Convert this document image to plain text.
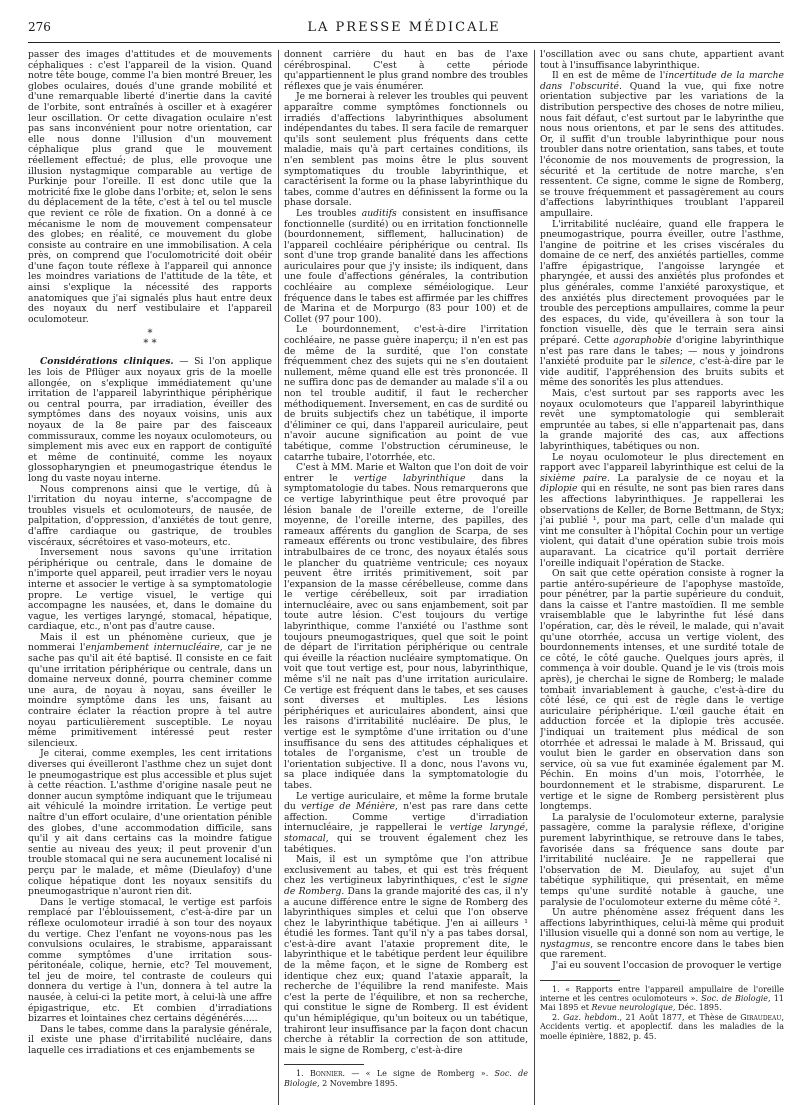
276	LA PRESSE MÉDICALE

passer des images d'attitudes et de mouvements céphaliques : c'est l'appareil de la vision. Quand notre tête bouge, comme l'a bien montré Breuer, les globes oculaires, doués d'une grande mobilité et d'une remarquable liberté d'inertie dans la cavité de l'orbite, sont entraînés à osciller et à exagérer leur oscillation. Or cette divagation oculaire n'est pas sans inconvénient pour notre orientation, car elle nous donne l'illusion d'un mouvement céphalique plus grand que le mouvement réellement effectué; de plus, elle provoque une illusion nystagmique comparable au vertige de Purkinje pour l'oreille. Il est donc utile que la motricité fixe le globe dans l'orbite; et, selon le sens du déplacement de la tête, c'est à tel ou tel muscle que revient ce rôle de fixation. On a donné à ce mécanisme le nom de mouvement compensateur des globes; en réalité, ce mouvement du globe consiste au contraire en une immobilisation. A cela près, on comprend que l'oculomotricité doit obéir d'une façon toute réflexe à l'appareil qui annonce les moindres variations de l'attitude de la tête, et ainsi s'explique la nécessité des rapports anatomiques que j'ai signalés plus haut entre deux des noyaux du nerf vestibulaire et l'appareil oculomoteur.

*
* *

Considérations cliniques. — Si l'on applique les lois de Pflüger aux noyaux gris de la moelle allongée, on s'explique immédiatement qu'une irritation de l'appareil labyrinthique périphérique ou central pourra, par irradiation, éveiller des symptômes dans des noyaux voisins, unis aux noyaux de la 8e paire par des faisceaux commissuraux, comme les noyaux oculomoteurs, ou simplement mis avec eux en rapport de contiguïté et même de continuité, comme les noyaux glossopharyngien et pneumogastrique étendus le long du vaste noyau interne.

Nous comprenons ainsi que le vertige, dû à l'irritation du noyau interne, s'accompagne de troubles visuels et oculomoteurs, de nausée, de palpitation, d'oppression, d'anxiétés de tout genre, d'affre cardiaque ou gastrique, de troubles viscéraux, sécrétoires et vaso-moteurs, etc.

Inversement nous savons qu'une irritation périphérique ou centrale, dans le domaine de n'importe quel appareil, peut irradier vers le noyau interne et associer le vertige à sa symptomatologie propre. Le vertige visuel, le vertige qui accompagne les nausées, et, dans le domaine du vague, les vertiges laryngé, stomacal, hépatique, cardiaque, etc., n'ont pas d'autre cause.

Mais il est un phénomène curieux, que je nommerai l'enjambement internucléaire, car je ne sache pas qu'il ait été baptisé. Il consiste en ce fait qu'une irritation périphérique ou centrale, dans un domaine nerveux donné, pourra cheminer comme une aura, de noyau à noyau, sans éveiller le moindre symptôme dans les uns, faisant au contraire éclater la réaction propre à tel autre noyau particulièrement susceptible. Le noyau même primitivement intéressé peut rester silencieux.

Je citerai, comme exemples, les cent irritations diverses qui éveilleront l'asthme chez un sujet dont le pneumogastrique est plus accessible et plus sujet à cette réaction. L'asthme d'origine nasale peut ne donner aucun symptôme indiquant que le trijumeau ait véhiculé la moindre irritation. Le vertige peut naître d'un effort oculaire, d'une orientation pénible des globes, d'une accommodation difficile, sans qu'il y ait dans certains cas la moindre fatigue sentie au niveau des yeux; il peut provenir d'un trouble stomacal qui ne sera aucunement localisé ni perçu par le malade, et même (Dieulafoy) d'une colique hépatique dont les noyaux sensitifs du pneumogastrique n'auront rien dit.

Dans le vertige stomacal, le vertige est parfois remplacé par l'éblouissement, c'est-à-dire par un réflexe oculomoteur irradié à son tour des noyaux du vertige. Chez l'enfant ne voyons-nous pas les convulsions oculaires, le strabisme, apparaissant comme symptômes d'une irritation sous-péritonéale, colique, hernie, etc? Tel mouvement, tel jeu de moire, tel contraste de couleurs qui donnera du vertige à l'un, donnera à tel autre la nausée, à celui-ci la petite mort, à celui-là une affre épigastrique, etc. Et combien d'irradiations bizarres et lointaines chez certains dégénérés.....

Dans le tabes, comme dans la paralysie générale, il existe une phase d'irritabilité nucléaire, dans laquelle ces irradiations et ces enjambements se

donnent carrière du haut en bas de l'axe cérébrospinal. C'est à cette période qu'appartiennent le plus grand nombre des troubles réflexes que je vais énumérer.

Je me bornerai à relever les troubles qui peuvent apparaître comme symptômes fonctionnels ou irradiés d'affections labyrinthiques absolument indépendantes du tabes. Il sera facile de remarquer qu'ils sont seulement plus fréquents dans cette maladie, mais qu'à part certaines conditions, ils n'en semblent pas moins être le plus souvent symptomatiques du trouble labyrinthique, et caractérisent la forme ou la phase labyrinthique du tabes, comme d'autres en définissent la forme ou la phase dorsale.

Les troubles auditifs consistent en insuffisance fonctionnelle (surdité) ou en irritation fonctionnelle (bourdonnement, sifflement, hallucination) de l'appareil cochléaire périphérique ou central. Ils sont d'une trop grande banalité dans les affections auriculaires pour que j'y insiste; ils indiquent, dans une foule d'affections générales, la contribution cochléaire au complexe séméiologique. Leur fréquence dans le tabes est affirmée par les chiffres de Marina et de Morpurgo (83 pour 100) et de Collet (97 pour 100).

Le bourdonnement, c'est-à-dire l'irritation cochléaire, ne passe guère inaperçu; il n'en est pas de même de la surdité, que l'on constate fréquemment chez des sujets qui ne s'en doutaient nullement, même quand elle est très prononcée. Il ne suffira donc pas de demander au malade s'il a ou non tel trouble auditif, il faut le rechercher méthodiquement. Inversement, en cas de surdité ou de bruits subjectifs chez un tabétique, il importe d'éliminer ce qui, dans l'appareil auriculaire, peut n'avoir aucune signification au point de vue tabétique, comme l'obstruction cérumineuse, le catarrhe tubaire, l'otorrhée, etc.

C'est à MM. Marie et Walton que l'on doit de voir entrer le vertige labyrinthique dans la symptomatologie du tabes. Nous remarquerons que ce vertige labyrinthique peut être provoqué par lésion banale de l'oreille externe, de l'oreille moyenne, de l'oreille interne, des papilles, des rameaux afférents du ganglion de Scarpa, de ses rameaux efférents ou tronc vestibulaire, des fibres intrabulbaires de ce tronc, des noyaux étalés sous le plancher du quatrième ventricule; ces noyaux peuvent être irrités primitivement, soit par l'expansion de la masse cérébelleuse, comme dans le vertige cérébelleux, soit par irradiation internucléaire, avec ou sans enjambement, soit par toute autre lésion. C'est toujours du vertige labyrinthique, comme l'anxiété ou l'asthme sont toujours pneumogastriques, quel que soit le point de départ de l'irritation périphérique ou centrale qui éveille la réaction nucléaire symptomatique. On voit que tout vertige est, pour nous, labyrinthique, même s'il ne naît pas d'une irritation auriculaire. Ce vertige est fréquent dans le tabes, et ses causes sont diverses et multiples. Les lésions périphériques et auriculaires abondent, ainsi que les raisons d'irritabilité nucléaire. De plus, le vertige est le symptôme d'une irritation ou d'une insuffisance du sens des attitudes céphaliques et totales de l'organisme, c'est un trouble de l'orientation subjective. Il a donc, nous l'avons vu, sa place indiquée dans la symptomatologie du tabes.

Le vertige auriculaire, et même la forme brutale du vertige de Ménière, n'est pas rare dans cette affection. Comme vertige d'irradiation internucléaire, je rappellerai le vertige laryngé, stomacal, qui se trouvent également chez les tabétiques.

Mais, il est un symptôme que l'on attribue exclusivement au tabes, et qui est très fréquent chez les vertigineux labyrinthiques, c'est le signe de Romberg. Dans la grande majorité des cas, il n'y a aucune différence entre le signe de Romberg des labyrinthiques simples et celui que l'on observe chez le labyrinthique tabétique. J'en ai ailleurs ¹ étudié les formes. Tant qu'il n'y a pas tabes dorsal, c'est-à-dire avant l'ataxie proprement dite, le labyrinthique et le tabétique perdent leur équilibre de la même façon, et le signe de Romberg est identique chez eux; quand l'ataxie apparaît, la recherche de l'équilibre la rend manifeste. Mais c'est la perte de l'équilibre, et non sa recherche, qui constitue le signe de Romberg. Il est évident qu'un hémiplégique, qu'un boiteux ou un tabétique, trahiront leur insuffisance par la façon dont chacun cherche à rétablir la correction de son attitude, mais le signe de Romberg, c'est-à-dire

1. Bonnier. — « Le signe de Romberg ». Soc. de Biologie, 2 Novembre 1895.

l'oscillation avec ou sans chute, appartient avant tout à l'insuffisance labyrinthique.

Il en est de même de l'incertitude de la marche dans l'obscurité. Quand la vue, qui fixe notre orientation subjective par les variations de la distribution perspective des choses de notre milieu, nous fait défaut, c'est surtout par le labyrinthe que nous nous orientons, et par le sens des attitudes. Or, il suffit d'un trouble labyrinthique pour nous troubler dans notre orientation, sans tabes, et toute l'économie de nos mouvements de progression, la sécurité et la certitude de notre marche, s'en ressentent. Ce signe, comme le signe de Romberg, se trouve fréquemment et passagèrement au cours d'affections labyrinthiques troublant l'appareil ampullaire.

L'irritabilité nucléaire, quand elle frappera le pneumogastrique, pourra éveiller, outre l'asthme, l'angine de poitrine et les crises viscérales du domaine de ce nerf, des anxiétés partielles, comme l'affre épigastrique, l'angoisse laryngée et pharyngée, et aussi des anxiétés plus profondes et plus générales, comme l'anxiété paroxystique, et des anxiétés plus directement provoquées par le trouble des perceptions ampullaires, comme la peur des espaces, du vide, qu'éveillera à son tour la fonction visuelle, dès que le terrain sera ainsi préparé. Cette agoraphobie d'origine labyrinthique n'est pas rare dans le tabes; — nous y joindrons l'anxiété produite par le silence, c'est-à-dire par le vide auditif, l'appréhension des bruits subits et même des sonorités les plus attendues.

Mais, c'est surtout par ses rapports avec les noyaux oculomoteurs que l'appareil labyrinthique revêt une symptomatologie qui semblerait empruntée au tabes, si elle n'appartenait pas, dans la grande majorité des cas, aux affections labyrinthiques, tabétiques ou non.

Le noyau oculomoteur le plus directement en rapport avec l'appareil labyrinthique est celui de la sixième paire. La paralysie de ce noyau et la diplopie qui en résulte, ne sont pas bien rares dans les affections labyrinthiques. Je rappellerai les observations de Keller, de Borne Bettmann, de Styx; j'ai publié ¹, pour ma part, celle d'un malade qui vint me consulter à l'hôpital Cochin pour un vertige violent, qui datait d'une opération subie trois mois auparavant. La cicatrice qu'il portait derrière l'oreille indiquait l'opération de Stacke.

On sait que cette opération consiste à rogner la partie antéro-supérieure de l'apophyse mastoïde, pour pénétrer, par la partie supérieure du conduit, dans la caisse et l'antre mastoïdien. Il me semble vraisemblable que le labyrinthe fut lésé dans l'opération, car, dès le réveil, le malade, qui n'avait qu'une otorrhée, accusa un vertige violent, des bourdonnements intenses, et une surdité totale de ce côté, le côté gauche. Quelques jours après, il commença à voir double. Quand je le vis (trois mois après), je cherchai le signe de Romberg; le malade tombait invariablement à gauche, c'est-à-dire du côté lésé, ce qui est de règle dans le vertige auriculaire périphérique. L'œil gauche était en adduction forcée et la diplopie très accusée. J'indiquai un traitement plus médical de son otorrhée et adressai le malade à M. Brissaud, qui voulut bien le garder en observation dans son service, où sa vue fut examinée également par M. Péchin. En moins d'un mois, l'otorrhée, le bourdonnement et le strabisme, disparurent. Le vertige et le signe de Romberg persistèrent plus longtemps.

La paralysie de l'oculomoteur externe, paralysie passagère, comme la paralysie réflexe, d'origine purement labyrinthique, se retrouve dans le tabes, favorisée dans sa fréquence sans doute par l'irritabilité nucléaire. Je ne rappellerai que l'observation de M. Dieulafoy, au sujet d'un tabétique syphilitique, qui présentait, en même temps qu'une surdité notable à gauche, une paralysie de l'oculomoteur externe du même côté ².

Un autre phénomène assez fréquent dans les affections labyrinthiques, celui-là même qui produit l'illusion visuelle qui a donné son nom au vertige, le nystagmus, se rencontre encore dans le tabes bien que rarement.

J'ai eu souvent l'occasion de provoquer le vertige

1. « Rapports entre l'appareil ampullaire de l'oreille interne et les centres oculomoteurs ». Soc. de Biologie, 11 Mai 1895 et Revue neurologique, Déc. 1895.

2. Gaz. hebdom., 21 Août 1877, et Thèse de Giraudeau, Accidents vertig. et apoplectif. dans les maladies de la moelle épinière, 1882, p. 45.
